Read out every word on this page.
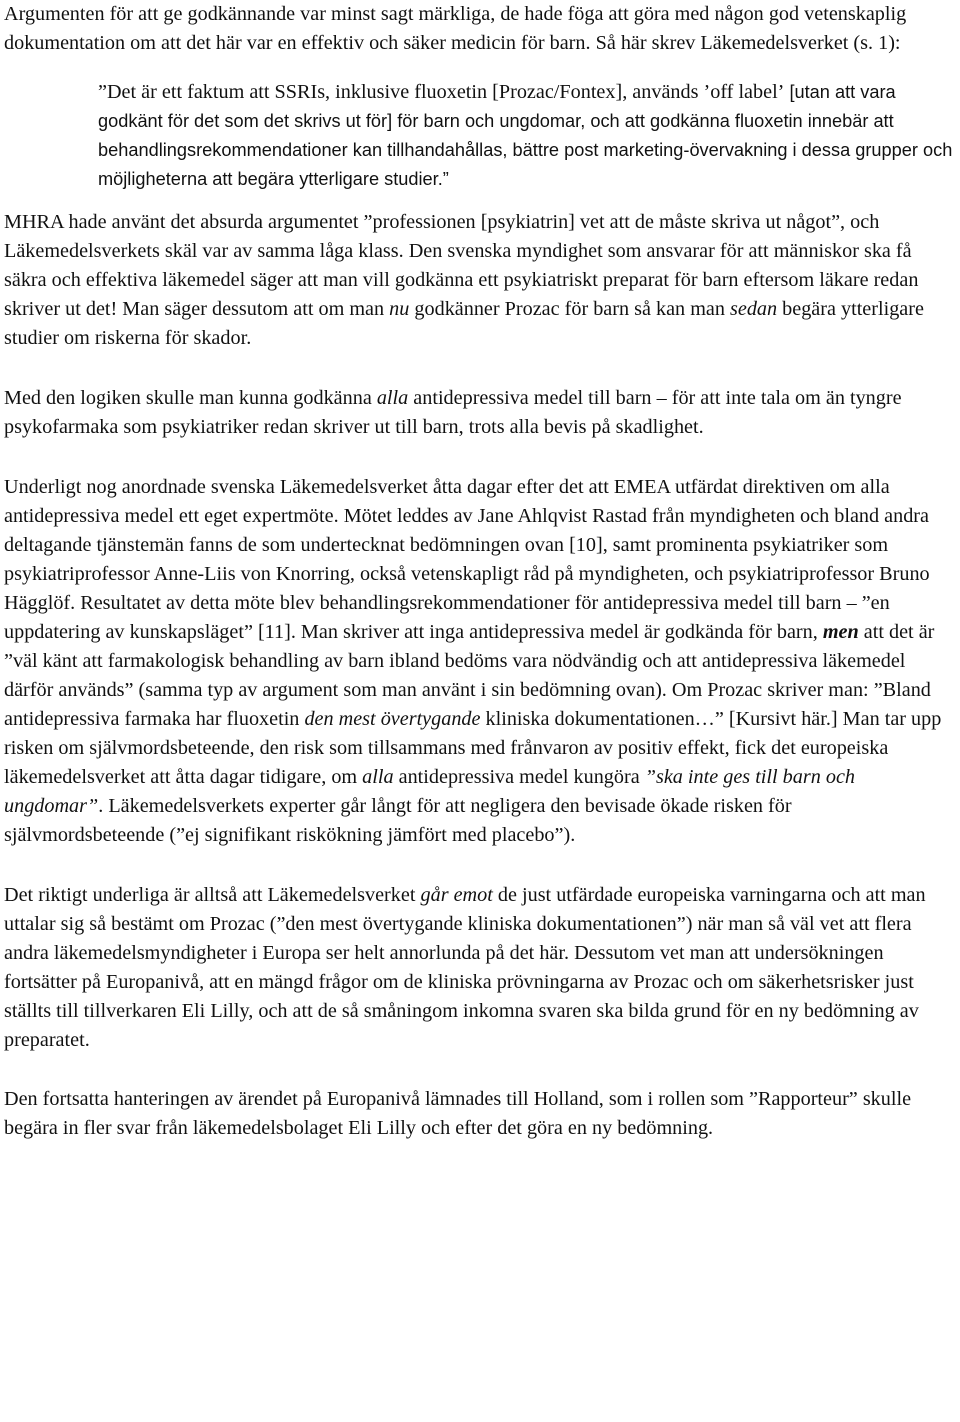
Argumenten för att ge godkännande var minst sagt märkliga, de hade föga att göra med någon god vetenskaplig dokumentation om att det här var en effektiv och säker medicin för barn. Så här skrev Läkemedelsverket (s. 1):

”Det är ett faktum att SSRIs, inklusive fluoxetin [Prozac/Fontex], används ’off label’ [utan att vara godkänt för det som det skrivs ut för] för barn och ungdomar, och att godkänna fluoxetin innebär att behandlingsrekommendationer kan tillhandahållas, bättre post marketing-övervakning i dessa grupper och möjligheterna att begära ytterligare studier.”

MHRA hade använt det absurda argumentet ”professionen [psykiatrin] vet att de måste skriva ut något”, och Läkemedelsverkets skäl var av samma låga klass. Den svenska myndighet som ansvarar för att människor ska få säkra och effektiva läkemedel säger att man vill godkänna ett psykiatriskt preparat för barn eftersom läkare redan skriver ut det! Man säger dessutom att om man nu godkänner Prozac för barn så kan man sedan begära ytterligare studier om riskerna för skador.

Med den logiken skulle man kunna godkänna alla antidepressiva medel till barn – för att inte tala om än tyngre psykofarmaka som psykiatriker redan skriver ut till barn, trots alla bevis på skadlighet.

Underligt nog anordnade svenska Läkemedelsverket åtta dagar efter det att EMEA utfärdat direktiven om alla antidepressiva medel ett eget expertmöte. Mötet leddes av Jane Ahlqvist Rastad från myndigheten och bland andra deltagande tjänstemän fanns de som undertecknat bedömningen ovan [10], samt prominenta psykiatriker som psykiatriprofessor Anne-Liis von Knorring, också vetenskapligt råd på myndigheten, och psykiatriprofessor Bruno Hägglöf. Resultatet av detta möte blev behandlingsrekommendationer för antidepressiva medel till barn – ”en uppdatering av kunskapsläget” [11]. Man skriver att inga antidepressiva medel är godkända för barn, men att det är ”väl känt att farmakologisk behandling av barn ibland bedöms vara nödvändig och att antidepressiva läkemedel därför används” (samma typ av argument som man använt i sin bedömning ovan). Om Prozac skriver man: ”Bland antidepressiva farmaka har fluoxetin den mest övertygande kliniska dokumentationen…” [Kursivt här.] Man tar upp risken om självmordsbeteende, den risk som tillsammans med frånvaron av positiv effekt, fick det europeiska läkemedelsverket att åtta dagar tidigare, om alla antidepressiva medel kungöra ”ska inte ges till barn och ungdomar”. Läkemedelsverkets experter går långt för att negligera den bevisade ökade risken för självmordsbeteende (”ej signifikant riskökning jämfört med placebo”).

Det riktigt underliga är alltså att Läkemedelsverket går emot de just utfärdade europeiska varningarna och att man uttalar sig så bestämt om Prozac (”den mest övertygande kliniska dokumentationen”) när man så väl vet att flera andra läkemedelsmyndigheter i Europa ser helt annorlunda på det här. Dessutom vet man att undersökningen fortsätter på Europanivå, att en mängd frågor om de kliniska prövningarna av Prozac och om säkerhetsrisker just ställts till tillverkaren Eli Lilly, och att de så småningom inkomna svaren ska bilda grund för en ny bedömning av preparatet.

Den fortsatta hanteringen av ärendet på Europanivå lämnades till Holland, som i rollen som ”Rapporteur” skulle begära in fler svar från läkemedelsbolaget Eli Lilly och efter det göra en ny bedömning.
